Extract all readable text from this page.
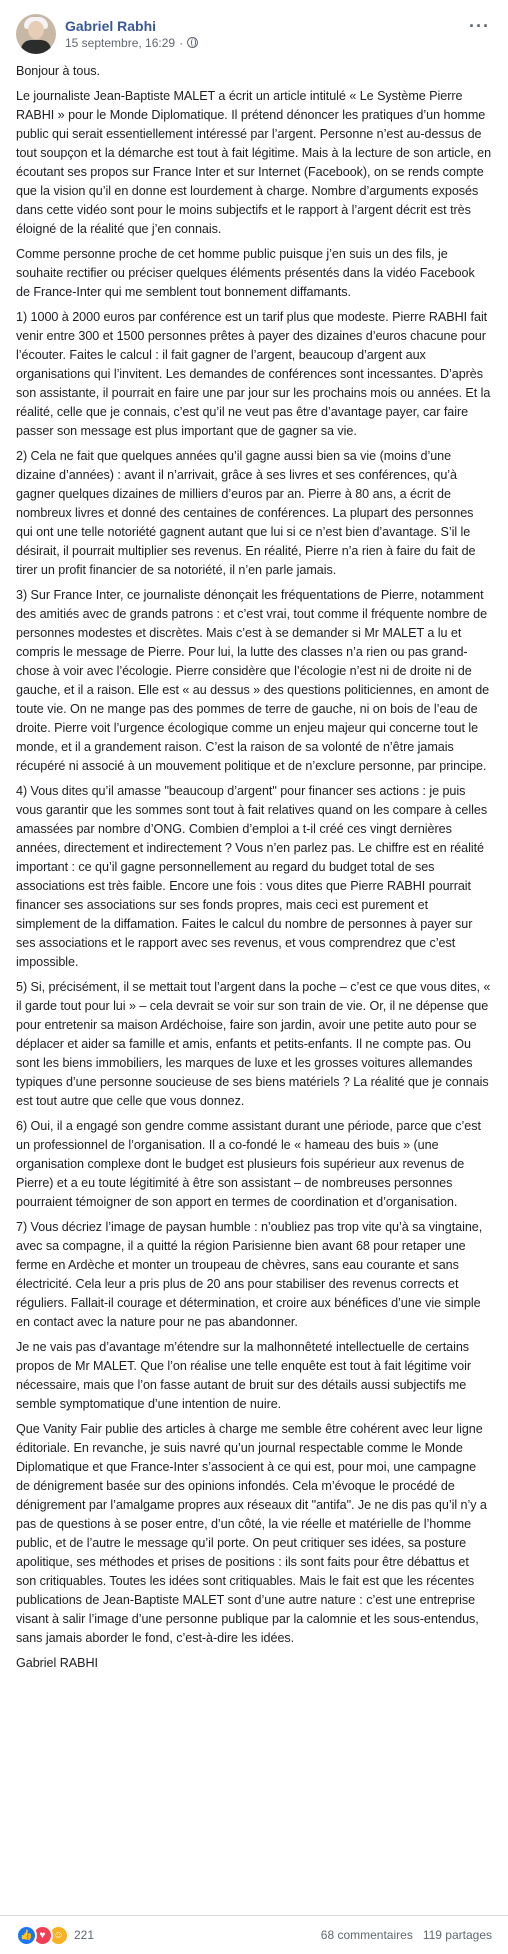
Gabriel Rabhi
15 septembre, 16:29 ·
···

Bonjour à tous.

Le journaliste Jean-Baptiste MALET a écrit un article intitulé « Le Système Pierre RABHI » pour le Monde Diplomatique. Il prétend dénoncer les pratiques d’un homme public qui serait essentiellement intéressé par l’argent. Personne n’est au-dessus de tout soupçon et la démarche est tout à fait légitime. Mais à la lecture de son article, en écoutant ses propos sur France Inter et sur Internet (Facebook), on se rends compte que la vision qu’il en donne est lourdement à charge. Nombre d’arguments exposés dans cette vidéo sont pour le moins subjectifs et le rapport à l’argent décrit est très éloigné de la réalité que j’en connais.

Comme personne proche de cet homme public puisque j’en suis un des fils, je souhaite rectifier ou préciser quelques éléments présentés dans la vidéo Facebook de France-Inter qui me semblent tout bonnement diffamants.

1) 1000 à 2000 euros par conférence est un tarif plus que modeste. Pierre RABHI fait venir entre 300 et 1500 personnes prêtes à payer des dizaines d’euros chacune pour l’écouter. Faites le calcul : il fait gagner de l’argent, beaucoup d’argent aux organisations qui l’invitent. Les demandes de conférences sont incessantes. D’après son assistante, il pourrait en faire une par jour sur les prochains mois ou années. Et la réalité, celle que je connais, c’est qu’il ne veut pas être d’avantage payer, car faire passer son message est plus important que de gagner sa vie.

2) Cela ne fait que quelques années qu’il gagne aussi bien sa vie (moins d’une dizaine d’années) : avant il n’arrivait, grâce à ses livres et ses conférences, qu’à gagner quelques dizaines de milliers d’euros par an. Pierre à 80 ans, a écrit de nombreux livres et donné des centaines de conférences. La plupart des personnes qui ont une telle notoriété gagnent autant que lui si ce n’est bien d’avantage. S’il le désirait, il pourrait multiplier ses revenus. En réalité, Pierre n’a rien à faire du fait de tirer un profit financier de sa notoriété, il n’en parle jamais.

3) Sur France Inter, ce journaliste dénonçait les fréquentations de Pierre, notamment des amitiés avec de grands patrons : et c’est vrai, tout comme il fréquente nombre de personnes modestes et discrètes. Mais c’est à se demander si Mr MALET a lu et compris le message de Pierre. Pour lui, la lutte des classes n’a rien ou pas grand-chose à voir avec l’écologie. Pierre considère que l’écologie n’est ni de droite ni de gauche, et il a raison. Elle est « au dessus » des questions politiciennes, en amont de toute vie. On ne mange pas des pommes de terre de gauche, ni on bois de l’eau de droite. Pierre voit l’urgence écologique comme un enjeu majeur qui concerne tout le monde, et il a grandement raison. C’est la raison de sa volonté de n’être jamais récupéré ni associé à un mouvement politique et de n’exclure personne, par principe.

4) Vous dites qu’il amasse "beaucoup d’argent" pour financer ses actions : je puis vous garantir que les sommes sont tout à fait relatives quand on les compare à celles amassées par nombre d’ONG. Combien d’emploi a t-il créé ces vingt dernières années, directement et indirectement ? Vous n’en parlez pas. Le chiffre est en réalité important : ce qu’il gagne personnellement au regard du budget total de ses associations est très faible. Encore une fois : vous dites que Pierre RABHI pourrait financer ses associations sur ses fonds propres, mais ceci est purement et simplement de la diffamation. Faites le calcul du nombre de personnes à payer sur ses associations et le rapport avec ses revenus, et vous comprendrez que c’est impossible.

5) Si, précisément, il se mettait tout l’argent dans la poche – c’est ce que vous dites, « il garde tout pour lui » – cela devrait se voir sur son train de vie. Or, il ne dépense que pour entretenir sa maison Ardéchoise, faire son jardin, avoir une petite auto pour se déplacer et aider sa famille et amis, enfants et petits-enfants. Il ne compte pas. Ou sont les biens immobiliers, les marques de luxe et les grosses voitures allemandes typiques d’une personne soucieuse de ses biens matériels ? La réalité que je connais est tout autre que celle que vous donnez.

6) Oui, il a engagé son gendre comme assistant durant une période, parce que c’est un professionnel de l’organisation. Il a co-fondé le « hameau des buis » (une organisation complexe dont le budget est plusieurs fois supérieur aux revenus de Pierre) et a eu toute légitimité à être son assistant – de nombreuses personnes pourraient témoigner de son apport en termes de coordination et d’organisation.

7) Vous décriez l’image de paysan humble : n’oubliez pas trop vite qu’à sa vingtaine, avec sa compagne, il a quitté la région Parisienne bien avant 68 pour retaper une ferme en Ardèche et monter un troupeau de chèvres, sans eau courante et sans électricité. Cela leur a pris plus de 20 ans pour stabiliser des revenus corrects et réguliers. Fallait-il courage et détermination, et croire aux bénéfices d’une vie simple en contact avec la nature pour ne pas abandonner.

Je ne vais pas d’avantage m’étendre sur la malhonnêteté intellectuelle de certains propos de Mr MALET. Que l’on réalise une telle enquête est tout à fait légitime voir nécessaire, mais que l’on fasse autant de bruit sur des détails aussi subjectifs me semble symptomatique d’une intention de nuire.

Que Vanity Fair publie des articles à charge me semble être cohérent avec leur ligne éditoriale. En revanche, je suis navré qu’un journal respectable comme le Monde Diplomatique et que France-Inter s’associent à ce qui est, pour moi, une campagne de dénigrement basée sur des opinions infondés. Cela m’évoque le procédé de dénigrement par l’amalgame propres aux réseaux dit "antifa". Je ne dis pas qu’il n’y a pas de questions à se poser entre, d’un côté, la vie réelle et matérielle de l’homme public, et de l’autre le message qu’il porte. On peut critiquer ses idées, sa posture apolitique, ses méthodes et prises de positions : ils sont faits pour être débattus et son critiquables. Toutes les idées sont critiquables. Mais le fait est que les récentes publications de Jean-Baptiste MALET sont d’une autre nature : c’est une entreprise visant à salir l’image d’une personne publique par la calomnie et les sous-entendus, sans jamais aborder le fond, c’est-à-dire les idées.

Gabriel RABHI

👍 ♥ ☺ 221	68 commentaires 119 partages
